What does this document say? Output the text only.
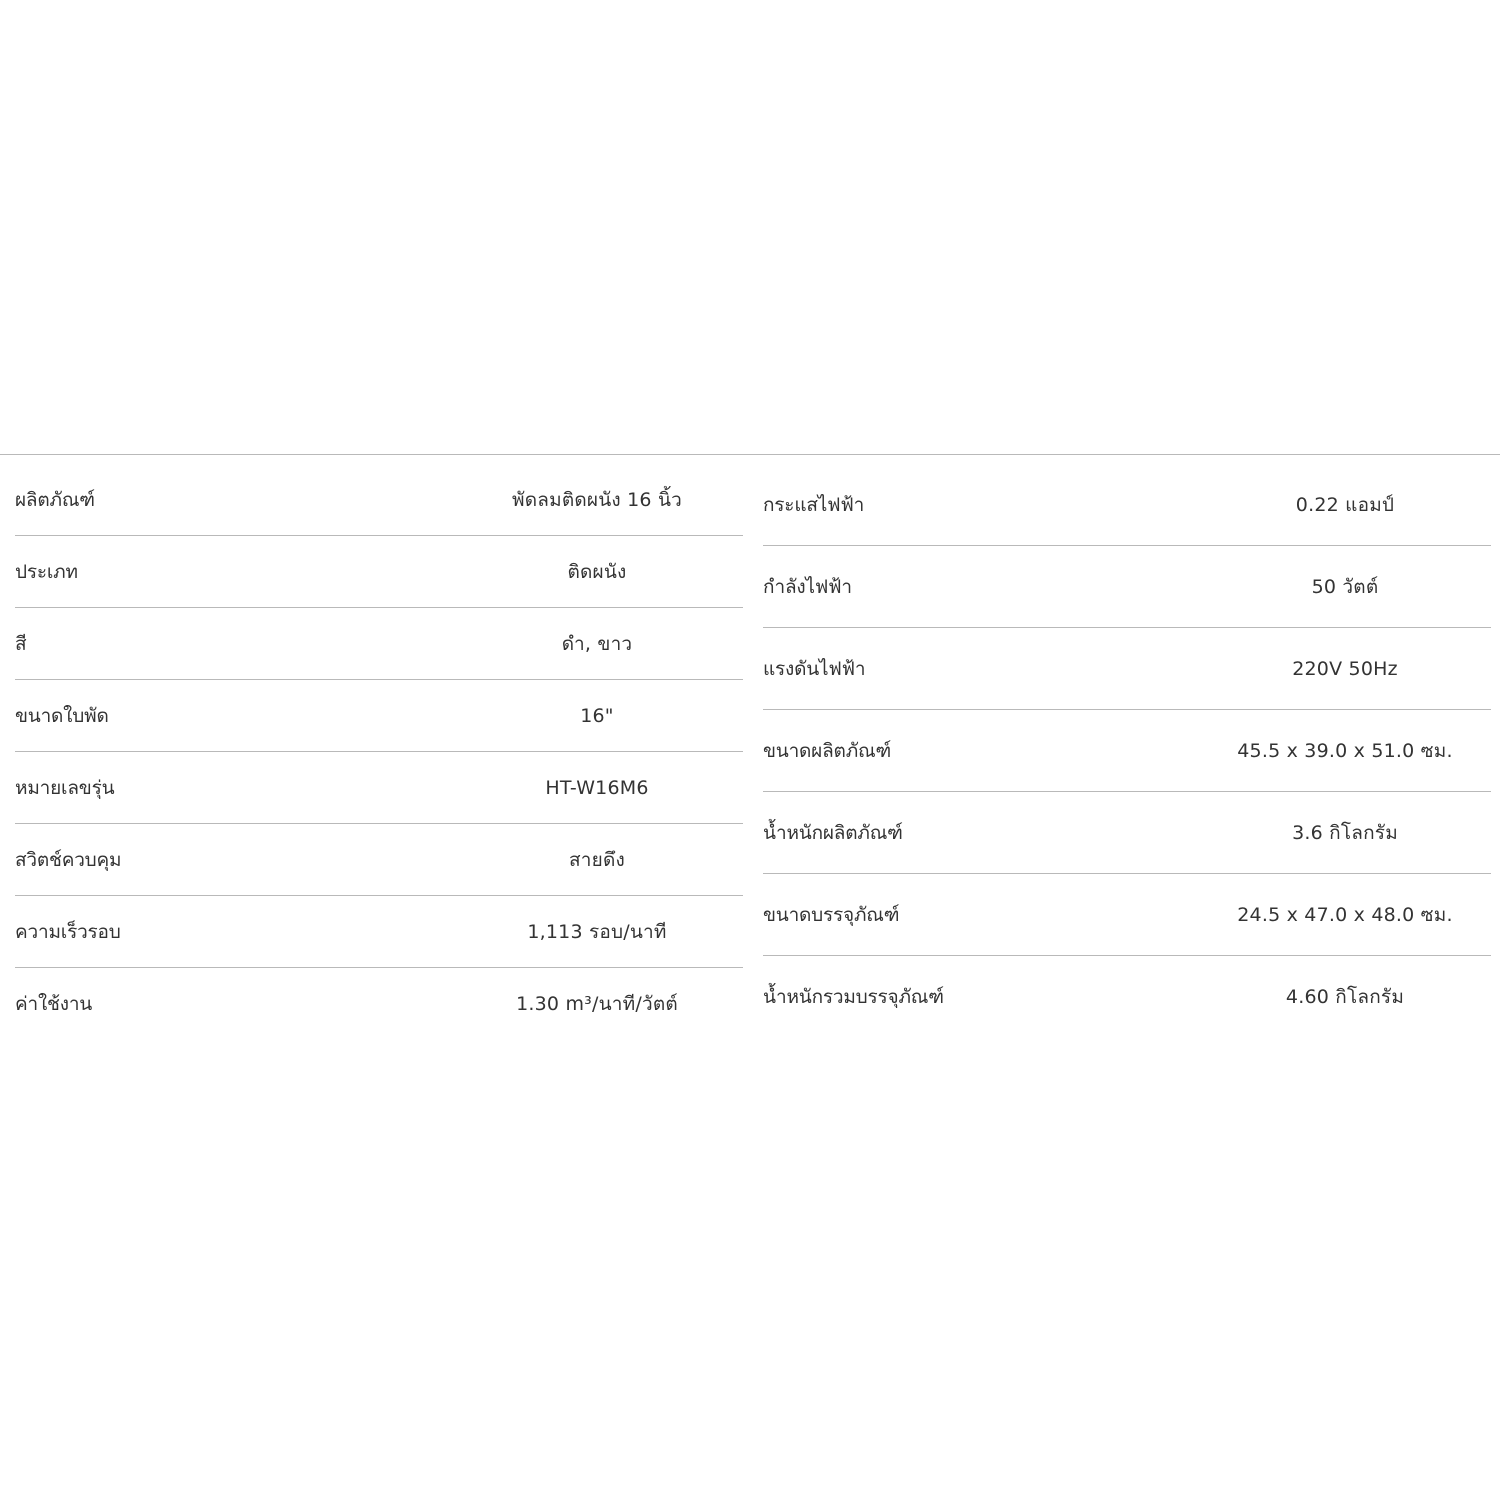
ผลิตภัณฑ์	พัดลมติดผนัง 16 นิ้ว
ประเภท	ติดผนัง
สี	ดำ, ขาว
ขนาดใบพัด	16"
หมายเลขรุ่น	HT-W16M6
สวิตช์ควบคุม	สายดึง
ความเร็วรอบ	1,113 รอบ/นาที
ค่าใช้งาน	1.30 m³/นาที/วัตต์
กระแสไฟฟ้า	0.22 แอมป์
กำลังไฟฟ้า	50 วัตต์
แรงดันไฟฟ้า	220V 50Hz
ขนาดผลิตภัณฑ์	45.5 x 39.0 x 51.0 ซม.
น้ำหนักผลิตภัณฑ์	3.6 กิโลกรัม
ขนาดบรรจุภัณฑ์	24.5 x 47.0 x 48.0 ซม.
น้ำหนักรวมบรรจุภัณฑ์	4.60 กิโลกรัม
